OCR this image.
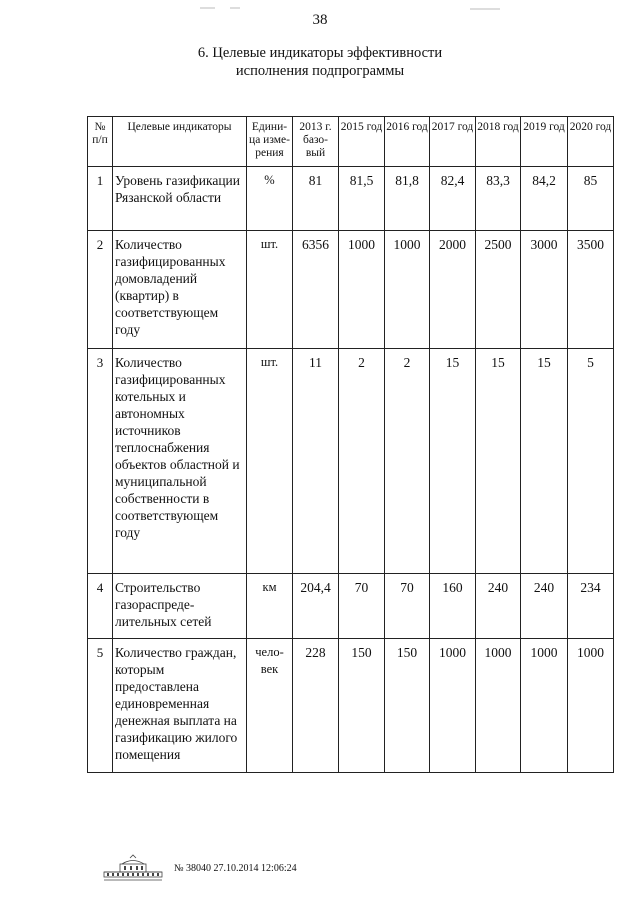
38
6. Целевые индикаторы эффективности
исполнения подпрограммы
№ п/п	Целевые индикаторы	Едини-ца изме-рения	2013 г. базо-вый	2015 год	2016 год	2017 год	2018 год	2019 год	2020 год
1	Уровень газификации Рязанской области	%	81	81,5	81,8	82,4	83,3	84,2	85
2	Количество газифицированных домовладений (квартир) в соответствующем году	шт.	6356	1000	1000	2000	2500	3000	3500
3	Количество газифицированных котельных и автономных источников теплоснабжения объектов областной и муниципальной собственности в соответствующем году	шт.	11	2	2	15	15	15	5
4	Строительство газораспреде-лительных сетей	км	204,4	70	70	160	240	240	234
5	Количество граждан, которым предоставлена единовременная денежная выплата на газификацию жилого помещения	чело-век	228	150	150	1000	1000	1000	1000
№ 38040 27.10.2014 12:06:24
